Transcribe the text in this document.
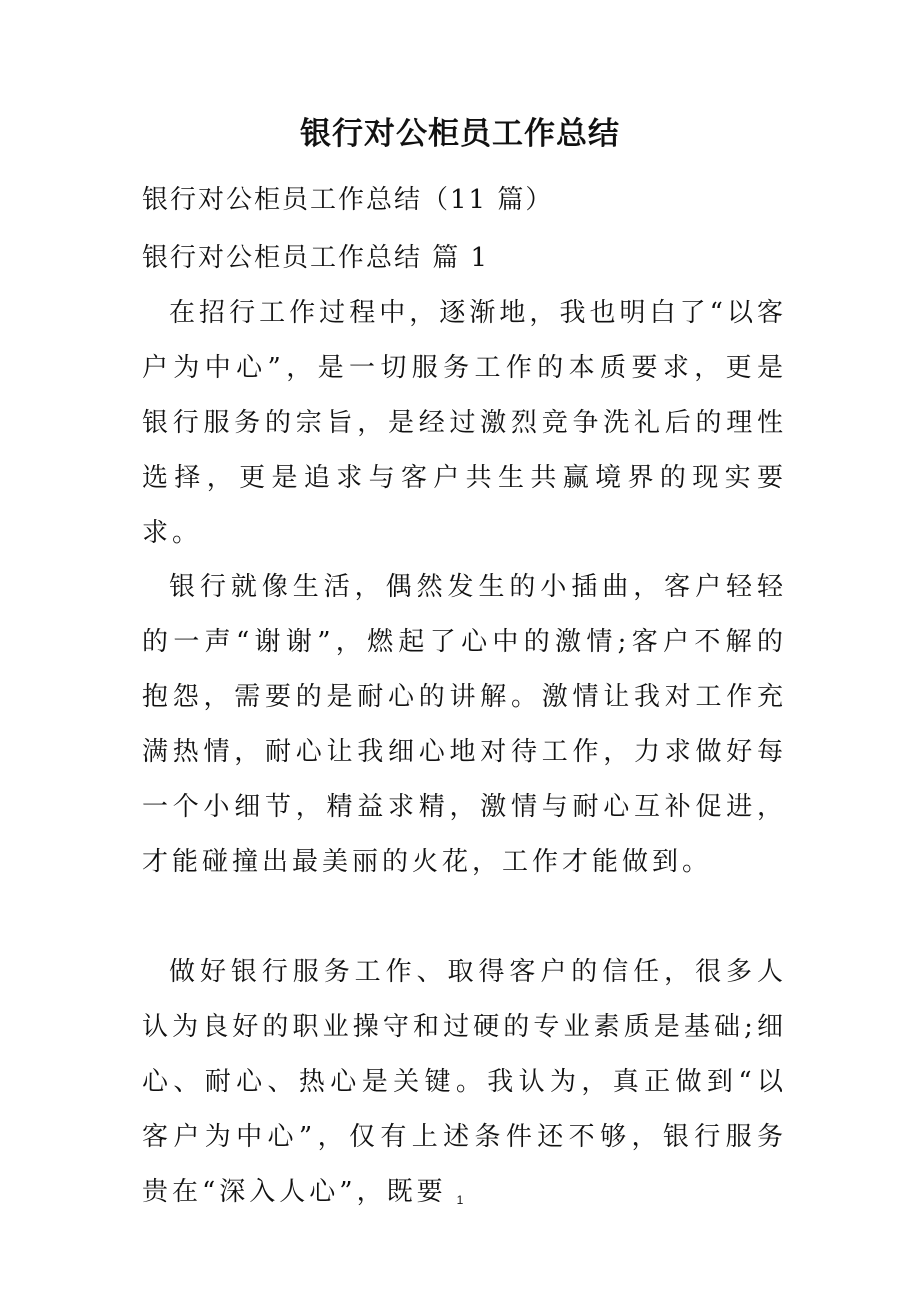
银行对公柜员工作总结

银行对公柜员工作总结（11 篇）

银行对公柜员工作总结 篇 1

在招行工作过程中，逐渐地，我也明白了“以客户为中心”，是一切服务工作的本质要求，更是银行服务的宗旨，是经过激烈竞争洗礼后的理性选择，更是追求与客户共生共赢境界的现实要求。

银行就像生活，偶然发生的小插曲，客户轻轻的一声“谢谢”，燃起了心中的激情;客户不解的抱怨，需要的是耐心的讲解。激情让我对工作充满热情，耐心让我细心地对待工作，力求做好每一个小细节，精益求精，激情与耐心互补促进，才能碰撞出最美丽的火花，工作才能做到。

做好银行服务工作、取得客户的信任，很多人认为良好的职业操守和过硬的专业素质是基础;细心、耐心、热心是关键。我认为，真正做到“以客户为中心”，仅有上述条件还不够，银行服务贵在“深入人心”，既要 1
